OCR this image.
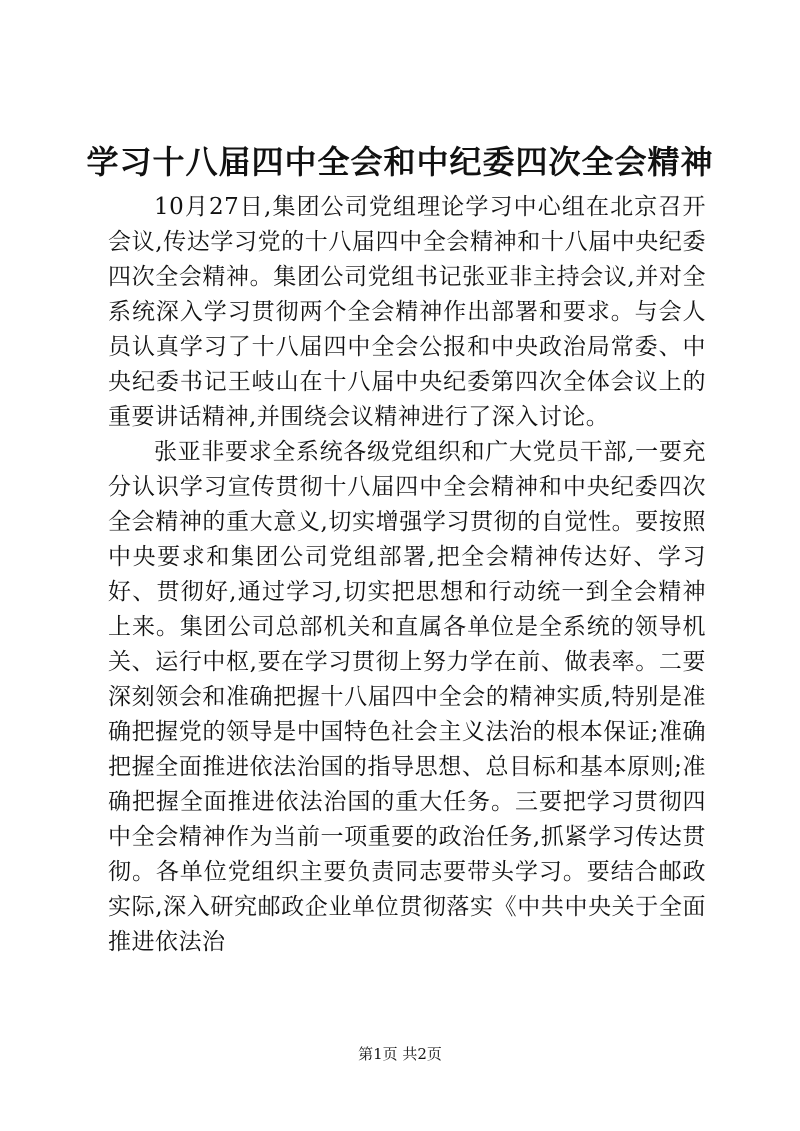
学习十八届四中全会和中纪委四次全会精神

10月27日,集团公司党组理论学习中心组在北京召开会议,传达学习党的十八届四中全会精神和十八届中央纪委四次全会精神。集团公司党组书记张亚非主持会议,并对全系统深入学习贯彻两个全会精神作出部署和要求。与会人员认真学习了十八届四中全会公报和中央政治局常委、中央纪委书记王岐山在十八届中央纪委第四次全体会议上的重要讲话精神,并围绕会议精神进行了深入讨论。

张亚非要求全系统各级党组织和广大党员干部,一要充分认识学习宣传贯彻十八届四中全会精神和中央纪委四次全会精神的重大意义,切实增强学习贯彻的自觉性。要按照中央要求和集团公司党组部署,把全会精神传达好、学习好、贯彻好,通过学习,切实把思想和行动统一到全会精神上来。集团公司总部机关和直属各单位是全系统的领导机关、运行中枢,要在学习贯彻上努力学在前、做表率。二要深刻领会和准确把握十八届四中全会的精神实质,特别是准确把握党的领导是中国特色社会主义法治的根本保证;准确把握全面推进依法治国的指导思想、总目标和基本原则;准确把握全面推进依法治国的重大任务。三要把学习贯彻四中全会精神作为当前一项重要的政治任务,抓紧学习传达贯彻。各单位党组织主要负责同志要带头学习。要结合邮政实际,深入研究邮政企业单位贯彻落实《中共中央关于全面推进依法治

第1页 共2页
